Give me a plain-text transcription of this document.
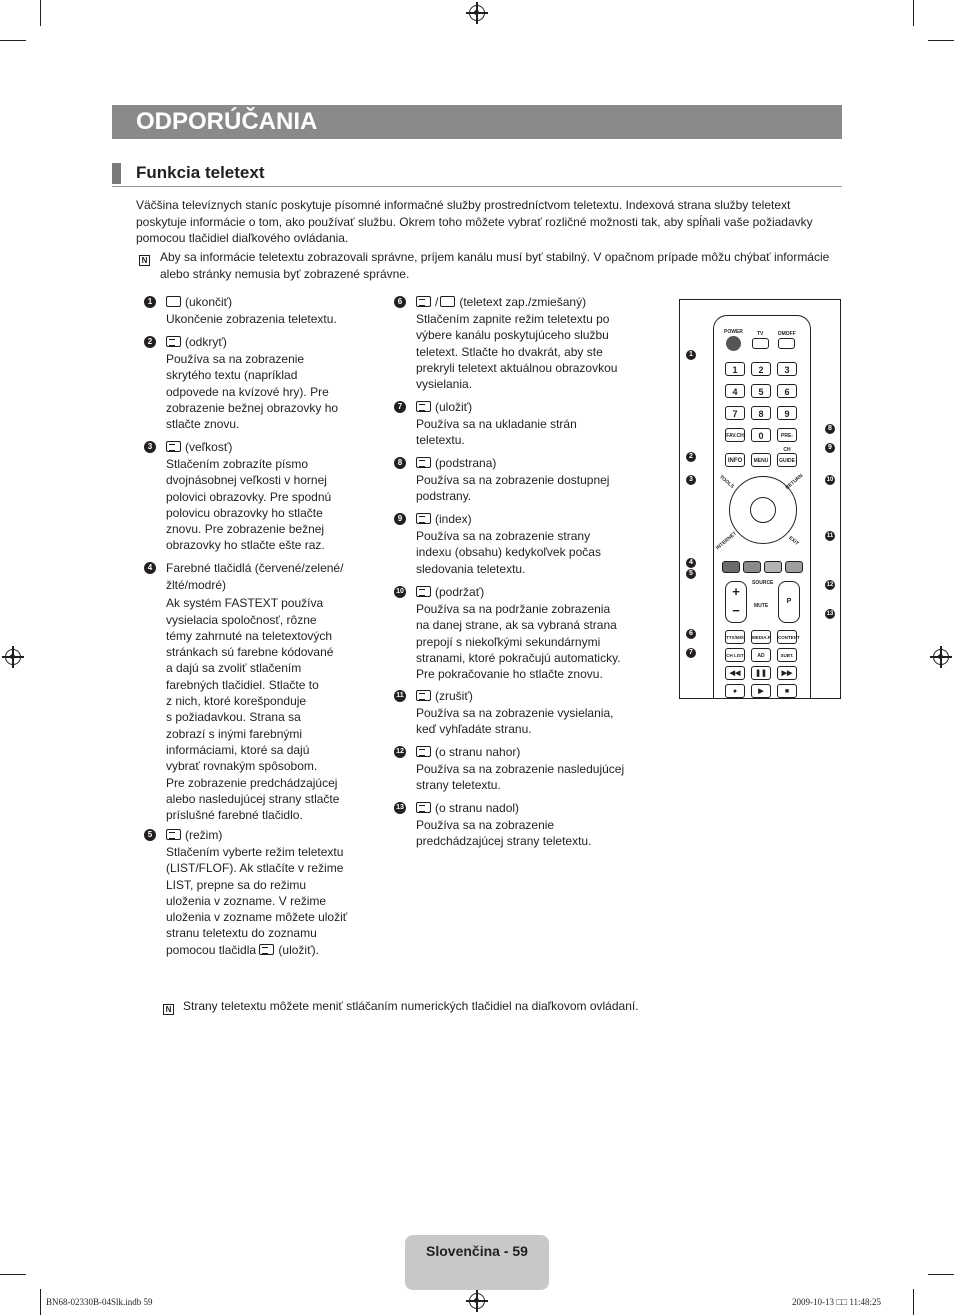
ODPORÚČANIA
Funkcia teletext
Väčšina televíznych staníc poskytuje písomné informačné služby prostredníctvom teletextu. Indexová strana služby teletext
poskytuje informácie o tom, ako používať službu. Okrem toho môžete vybrať rozličné možnosti tak, aby spĺňali vaše požiadavky
pomocou tlačidiel diaľkového ovládania.
N
Aby sa informácie teletextu zobrazovali správne, príjem kanálu musí byť stabilný. V opačnom prípade môžu chýbať informácie
alebo stránky nemusia byť zobrazené správne.
1	(ukončiť)
Ukončenie zobrazenia teletextu.
2	(odkryť)
Používa sa na zobrazenie
skrytého textu (napríklad
odpovede na kvízové hry). Pre
zobrazenie bežnej obrazovky ho
stlačte znovu.
3	(veľkosť)
Stlačením zobrazíte písmo
dvojnásobnej veľkosti v hornej
polovici obrazovky. Pre spodnú
polovicu obrazovky ho stlačte
znovu. Pre zobrazenie bežnej
obrazovky ho stlačte ešte raz.
4	Farebné tlačidlá (červené/zelené/
žlté/modré)
Ak systém FASTEXT používa
vysielacia spoločnosť, rôzne
témy zahrnuté na teletextových
stránkach sú farebne kódované
a dajú sa zvoliť stlačením
farebných tlačidiel. Stlačte to
z nich, ktoré korešponduje
s požiadavkou. Strana sa
zobrazí s inými farebnými
informáciami, ktoré sa dajú
vybrať rovnakým spôsobom.
Pre zobrazenie predchádzajúcej
alebo nasledujúcej strany stlačte
príslušné farebné tlačidlo.
5	(režim)
Stlačením vyberte režim teletextu
(LIST/FLOF). Ak stlačíte v režime
LIST, prepne sa do režimu
uloženia v zozname. V režime
uloženia v zozname môžete uložiť
stranu teletextu do zoznamu
pomocou tlačidla (uložiť).
6	/ (teletext zap./zmiešaný)
Stlačením zapnite režim teletextu po
výbere kanálu poskytujúceho službu
teletext. Stlačte ho dvakrát, aby ste
prekryli teletext aktuálnou obrazovkou
vysielania.
7	(uložiť)
Používa sa na ukladanie strán
teletextu.
8	(podstrana)
Používa sa na zobrazenie dostupnej
podstrany.
9	(index)
Používa sa na zobrazenie strany
indexu (obsahu) kedykoľvek počas
sledovania teletextu.
10	(podržať)
Používa sa na podržanie zobrazenia
na danej strane, ak sa vybraná strana
prepojí s niekoľkými sekundárnymi
stranami, ktoré pokračujú automaticky.
Pre pokračovanie ho stlačte znovu.
11	(zrušiť)
Používa sa na zobrazenie vysielania,
keď vyhľadáte stranu.
12	(o stranu nahor)
Používa sa na zobrazenie nasledujúcej
strany teletextu.
13	(o stranu nadol)
Používa sa na zobrazenie
predchádzajúcej strany teletextu.
POWER	TV	DMOFF
1	2	3
4	5	6
7	8	9
FAV.CH	0	PRE-CH
INFO	MENU	GUIDE
TOOLS	RETURN
INTERNET	EXIT
+
−
SOURCE
MUTE
P
TTX/MIX MEDIA.P CONTENT
CH LIST	AD	SUBT.
◀◀	❚❚	▶▶
●	▶	■
1
2
3
4
5
6
7
8
9
10
11
12
13
N
Strany teletextu môžete meniť stláčaním numerických tlačidiel na diaľkovom ovládaní.
Slovenčina - 59
BN68-02330B-04Slk.indb 59	2009-10-13 □□ 11:48:25
